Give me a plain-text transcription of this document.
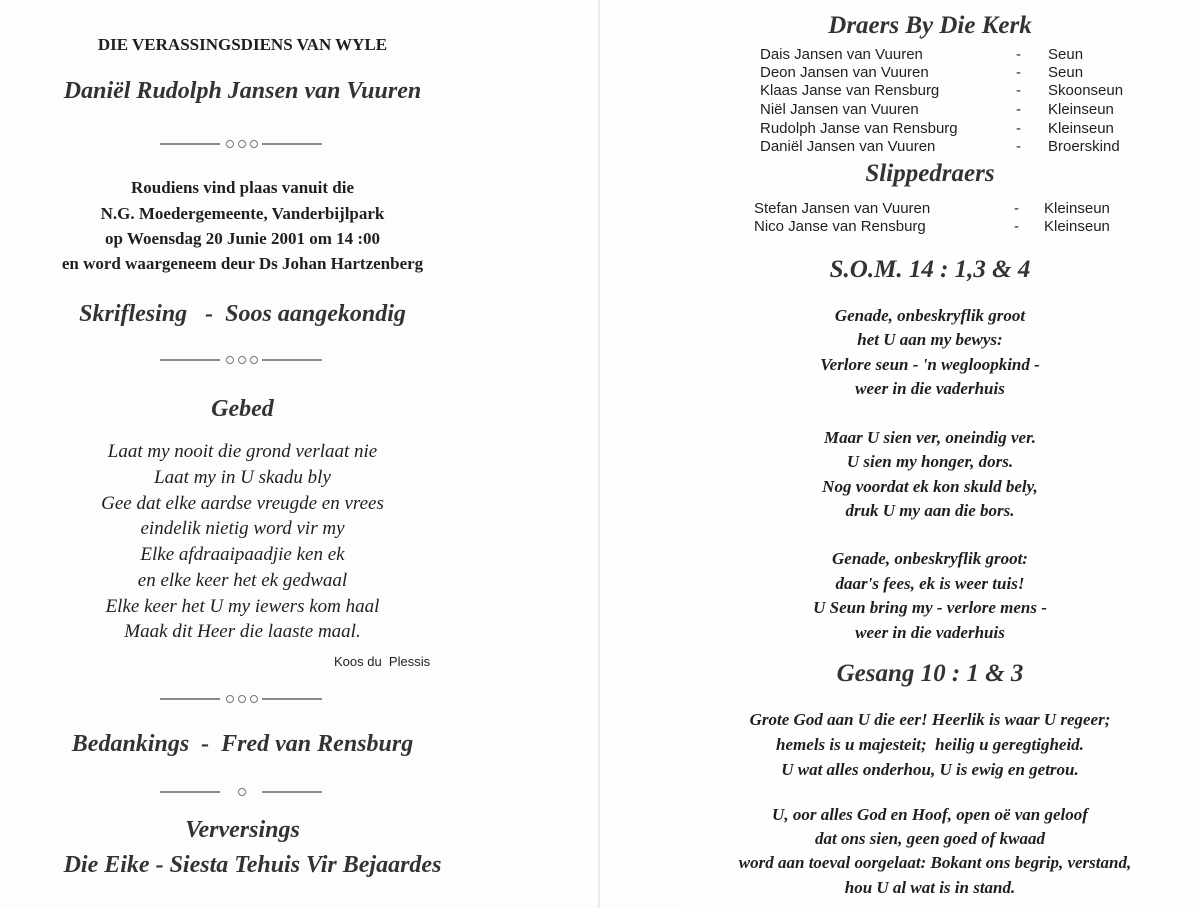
DIE VERASSINGSDIENS VAN WYLE
Daniël Rudolph Jansen van Vuuren
Roudiens vind plaas vanuit die
N.G. Moedergemeente, Vanderbijlpark
op Woensdag 20 Junie 2001 om 14 :00
en word waargeneem deur Ds Johan Hartzenberg
Skriflesing   -  Soos aangekondig
Gebed
Laat my nooit die grond verlaat nie
Laat my in U skadu bly
Gee dat elke aardse vreugde en vrees
eindelik nietig word vir my
Elke afdraaipaadjie ken ek
en elke keer het ek gedwaal
Elke keer het U my iewers kom haal
Maak dit Heer die laaste maal.
Koos du  Plessis
Bedankings  -  Fred van Rensburg
Verversings
Die Eike - Siesta Tehuis Vir Bejaardes
Draers By Die Kerk
Dais Jansen van Vuuren	- Seun
Deon Jansen van Vuuren	- Seun
Klaas Janse van Rensburg	- Skoonseun
Niël Jansen van Vuuren	- Kleinseun
Rudolph Janse van Rensburg	- Kleinseun
Daniël Jansen van Vuuren	- Broerskind
Slippedraers
Stefan Jansen van Vuuren	- Kleinseun
Nico Janse van Rensburg	- Kleinseun
S.O.M. 14 : 1,3 & 4
Genade, onbeskryflik groot
het U aan my bewys:
Verlore seun - 'n wegloopkind -
weer in die vaderhuis
Maar U sien ver, oneindig ver.
U sien my honger, dors.
Nog voordat ek kon skuld bely,
druk U my aan die bors.
Genade, onbeskryflik groot:
daar's fees, ek is weer tuis!
U Seun bring my - verlore mens -
weer in die vaderhuis
Gesang 10 : 1 & 3
Grote God aan U die eer! Heerlik is waar U regeer;
hemels is u majesteit;  heilig u geregtigheid.
U wat alles onderhou, U is ewig en getrou.
U, oor alles God en Hoof, open oë van geloof
dat ons sien, geen goed of kwaad
word aan toeval oorgelaat: Bokant ons begrip, verstand,
hou U al wat is in stand.
